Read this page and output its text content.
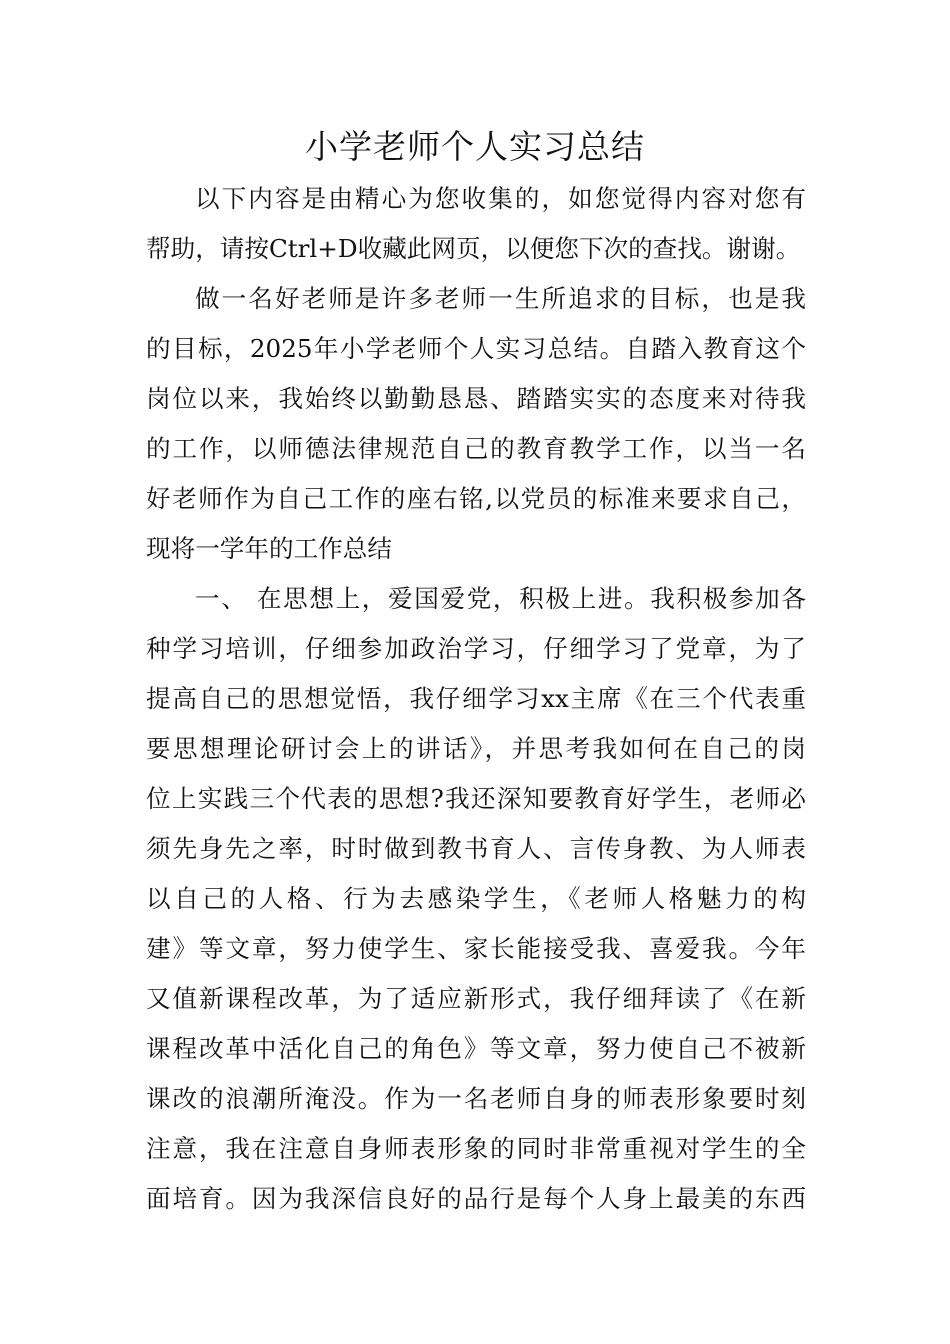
小学老师个人实习总结

以下内容是由精心为您收集的，如您觉得内容对您有

帮助，请按Ctrl+D收藏此网页，以便您下次的查找。谢谢。

做一名好老师是许多老师一生所追求的目标，也是我

的目标，2025年小学老师个人实习总结。自踏入教育这个

岗位以来，我始终以勤勤恳恳、踏踏实实的态度来对待我

的工作，以师德法律规范自己的教育教学工作，以当一名

好老师作为自己工作的座右铭,以党员的标准来要求自己，

现将一学年的工作总结

一、 在思想上，爱国爱党，积极上进。我积极参加各

种学习培训，仔细参加政治学习，仔细学习了党章，为了

提高自己的思想觉悟，我仔细学习xx主席《在三个代表重

要思想理论研讨会上的讲话》，并思考我如何在自己的岗

位上实践三个代表的思想?我还深知要教育好学生，老师必

须先身先之率，时时做到教书育人、言传身教、为人师表

以自己的人格、行为去感染学生，《老师人格魅力的构

建》等文章，努力使学生、家长能接受我、喜爱我。今年

又值新课程改革，为了适应新形式，我仔细拜读了《在新

课程改革中活化自己的角色》等文章，努力使自己不被新

课改的浪潮所淹没。作为一名老师自身的师表形象要时刻

注意，我在注意自身师表形象的同时非常重视对学生的全

面培育。因为我深信良好的品行是每个人身上最美的东西
